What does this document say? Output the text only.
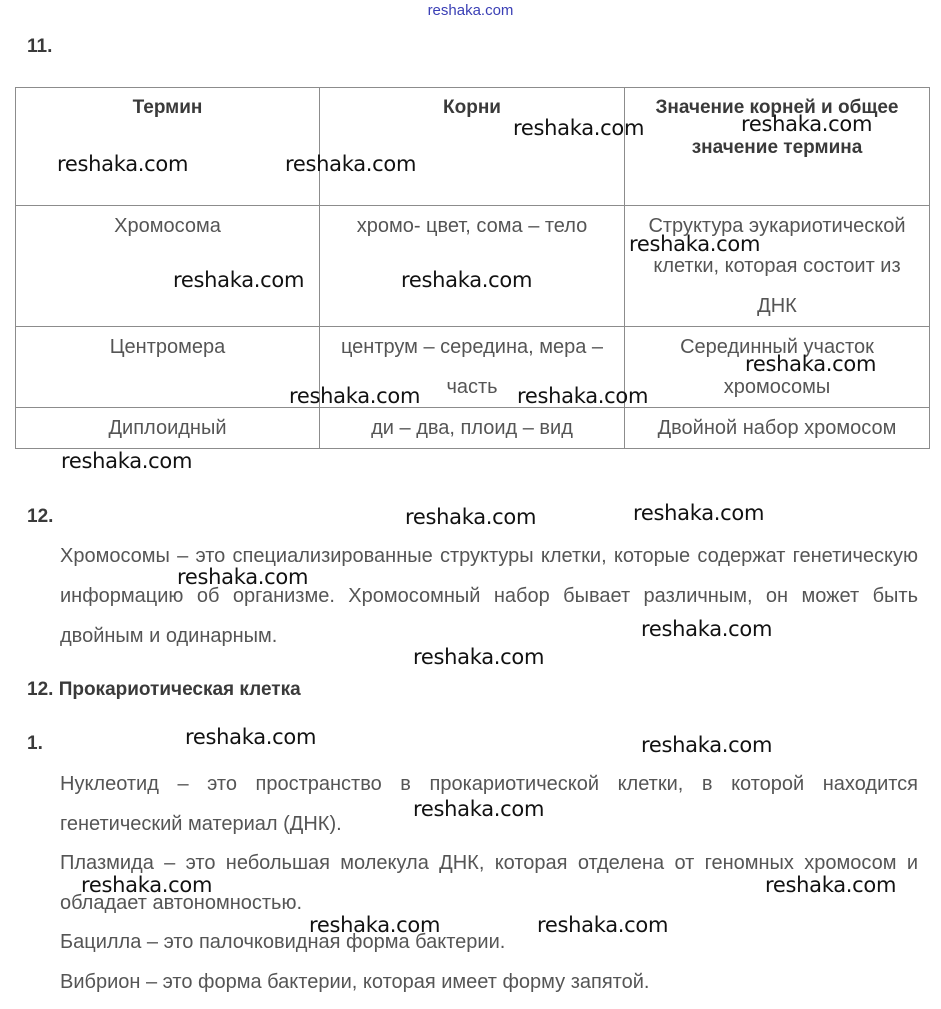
reshaka.com
11.
Термин	Корни	Значение корней и общее значение термина
Хромосома	хромо- цвет, сома – тело	Структура эукариотической клетки, которая состоит из ДНК
Центромера	центрум – середина, мера – часть	Серединный участок хромосомы
Диплоидный	ди – два, плоид – вид	Двойной набор хромосом
12.
Хромосомы – это специализированные структуры клетки, которые содержат генетическую информацию об организме. Хромосомный набор бывает различным, он может быть двойным и одинарным.
12. Прокариотическая клетка
1.
Нуклеотид – это пространство в прокариотической клетки, в которой находится генетический материал (ДНК).
Плазмида – это небольшая молекула ДНК, которая отделена от геномных хромосом и обладает автономностью.
Бацилла – это палочковидная форма бактерии.
Вибрион – это форма бактерии, которая имеет форму запятой.
reshaka.com	reshaka.com
reshaka.com	reshaka.com
reshaka.com
reshaka.com	reshaka.com
reshaka.com
reshaka.com	reshaka.com
reshaka.com
reshaka.com	reshaka.com
reshaka.com
reshaka.com
reshaka.com
reshaka.com	reshaka.com
reshaka.com
reshaka.com	reshaka.com
reshaka.com	reshaka.com
